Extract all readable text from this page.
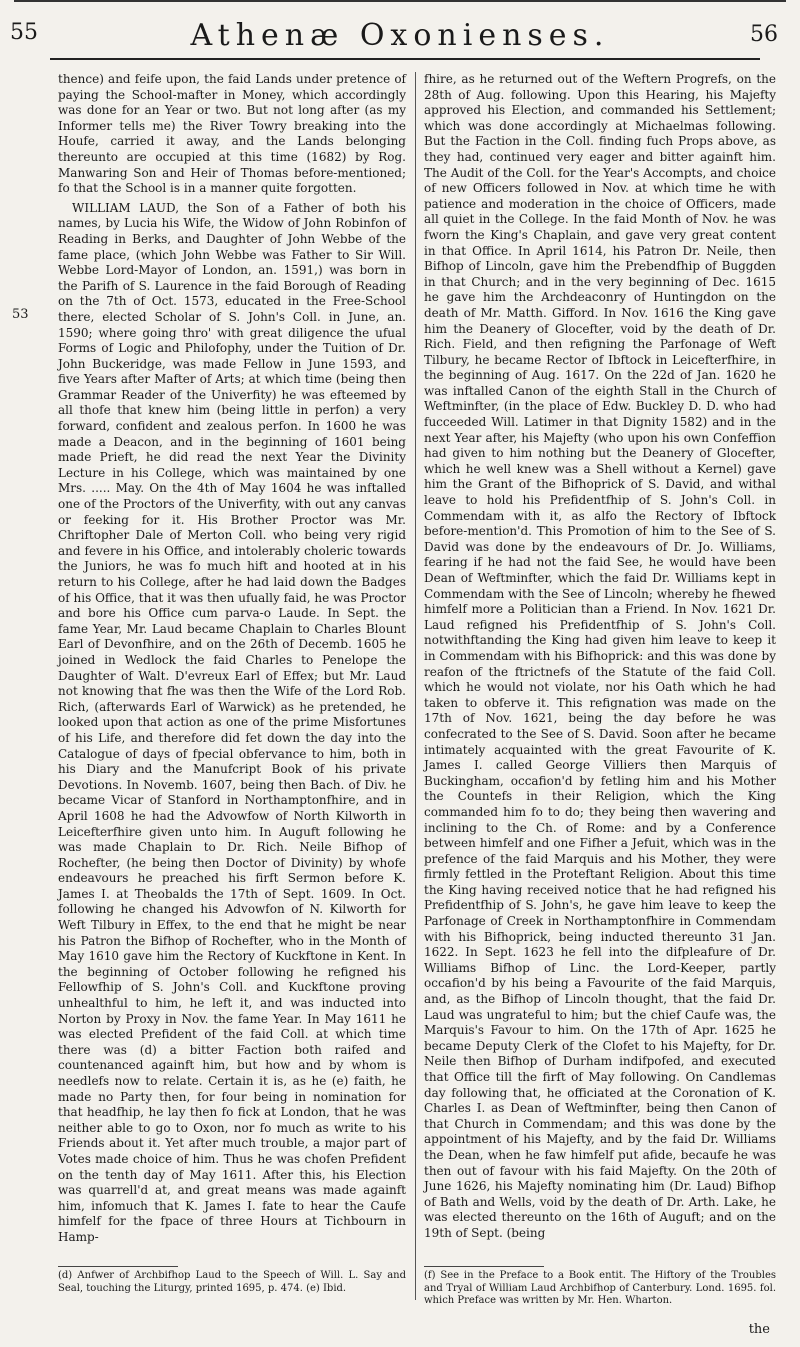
55	Athenæ Oxonienses.	56
53

thence) and feife upon, the faid Lands under pretence of paying the School-mafter in Money, which accordingly was done for an Year or two. But not long after (as my Informer tells me) the River Towry breaking into the Houfe, carried it away, and the Lands belonging thereunto are occupied at this time (1682) by Rog. Manwaring Son and Heir of Thomas before-mentioned; fo that the School is in a manner quite forgotten.

WILLIAM LAUD, the Son of a Father of both his names, by Lucia his Wife, the Widow of John Robinfon of Reading in Berks, and Daughter of John Webbe of the fame place, (which John Webbe was Father to Sir Will. Webbe Lord-Mayor of London, an. 1591,) was born in the Parifh of S. Laurence in the faid Borough of Reading on the 7th of Oct. 1573, educated in the Free-School there, elected Scholar of S. John's Coll. in June, an. 1590; where going thro' with great diligence the ufual Forms of Logic and Philofophy, under the Tuition of Dr. John Buckeridge, was made Fellow in June 1593, and five Years after Mafter of Arts; at which time (being then Grammar Reader of the Univerfity) he was efteemed by all thofe that knew him (being little in perfon) a very forward, confident and zealous perfon. In 1600 he was made a Deacon, and in the beginning of 1601 being made Prieft, he did read the next Year the Divinity Lecture in his College, which was maintained by one Mrs. ..... May. On the 4th of May 1604 he was inftalled one of the Proctors of the Univerfity, with out any canvas or feeking for it. His Brother Proctor was Mr. Chriftopher Dale of Merton Coll. who being very rigid and fevere in his Office, and intolerably choleric towards the Juniors, he was fo much hift and hooted at in his return to his College, after he had laid down the Badges of his Office, that it was then ufually faid, he was Proctor and bore his Office cum parva-o Laude. In Sept. the fame Year, Mr. Laud became Chaplain to Charles Blount Earl of Devonfhire, and on the 26th of Decemb. 1605 he joined in Wedlock the faid Charles to Penelope the Daughter of Walt. D'evreux Earl of Effex; but Mr. Laud not knowing that fhe was then the Wife of the Lord Rob. Rich, (afterwards Earl of Warwick) as he pretended, he looked upon that action as one of the prime Misfortunes of his Life, and therefore did fet down the day into the Catalogue of days of fpecial obfervance to him, both in his Diary and the Manufcript Book of his private Devotions. In Novemb. 1607, being then Bach. of Div. he became Vicar of Stanford in Northamptonfhire, and in April 1608 he had the Advowfow of North Kilworth in Leicefterfhire given unto him. In Auguft following he was made Chaplain to Dr. Rich. Neile Bifhop of Rochefter, (he being then Doctor of Divinity) by whofe endeavours he preached his firft Sermon before K. James I. at Theobalds the 17th of Sept. 1609. In Oct. following he changed his Advowfon of N. Kilworth for Weft Tilbury in Effex, to the end that he might be near his Patron the Bifhop of Rochefter, who in the Month of May 1610 gave him the Rectory of Kuckftone in Kent. In the beginning of October following he refigned his Fellowfhip of S. John's Coll. and Kuckftone proving unhealthful to him, he left it, and was inducted into Norton by Proxy in Nov. the fame Year. In May 1611 he was elected Prefident of the faid Coll. at which time there was (d) a bitter Faction both raifed and countenanced againft him, but how and by whom is needlefs now to relate. Certain it is, as he (e) faith, he made no Party then, for four being in nomination for that headfhip, he lay then fo fick at London, that he was neither able to go to Oxon, nor fo much as write to his Friends about it. Yet after much trouble, a major part of Votes made choice of him. Thus he was chofen Prefident on the tenth day of May 1611. After this, his Election was quarrell'd at, and great means was made againft him, infomuch that K. James I. fate to hear the Caufe himfelf for the fpace of three Hours at Tichbourn in Hamp-

fhire, as he returned out of the Weftern Progrefs, on the 28th of Aug. following. Upon this Hearing, his Majefty approved his Election, and commanded his Settlement; which was done accordingly at Michaelmas following. But the Faction in the Coll. finding fuch Props above, as they had, continued very eager and bitter againft him. The Audit of the Coll. for the Year's Accompts, and choice of new Officers followed in Nov. at which time he with patience and moderation in the choice of Officers, made all quiet in the College. In the faid Month of Nov. he was fworn the King's Chaplain, and gave very great content in that Office. In April 1614, his Patron Dr. Neile, then Bifhop of Lincoln, gave him the Prebendfhip of Buggden in that Church; and in the very beginning of Dec. 1615 he gave him the Archdeaconry of Huntingdon on the death of Mr. Matth. Gifford. In Nov. 1616 the King gave him the Deanery of Glocefter, void by the death of Dr. Rich. Field, and then refigning the Parfonage of Weft Tilbury, he became Rector of Ibftock in Leicefterfhire, in the beginning of Aug. 1617. On the 22d of Jan. 1620 he was inftalled Canon of the eighth Stall in the Church of Weftminfter, (in the place of Edw. Buckley D. D. who had fucceeded Will. Latimer in that Dignity 1582) and in the next Year after, his Majefty (who upon his own Confeffion had given to him nothing but the Deanery of Glocefter, which he well knew was a Shell without a Kernel) gave him the Grant of the Bifhoprick of S. David, and withal leave to hold his Prefidentfhip of S. John's Coll. in Commendam with it, as alfo the Rectory of Ibftock before-mention'd. This Promotion of him to the See of S. David was done by the endeavours of Dr. Jo. Williams, fearing if he had not the faid See, he would have been Dean of Weftminfter, which the faid Dr. Williams kept in Commendam with the See of Lincoln; whereby he fhewed himfelf more a Politician than a Friend. In Nov. 1621 Dr. Laud refigned his Prefidentfhip of S. John's Coll. notwithftanding the King had given him leave to keep it in Commendam with his Bifhoprick: and this was done by reafon of the ftrictnefs of the Statute of the faid Coll. which he would not violate, nor his Oath which he had taken to obferve it. This refignation was made on the 17th of Nov. 1621, being the day before he was confecrated to the See of S. David. Soon after he became intimately acquainted with the great Favourite of K. James I. called George Villiers then Marquis of Buckingham, occafion'd by fetling him and his Mother the Countefs in their Religion, which the King commanded him fo to do; they being then wavering and inclining to the Ch. of Rome: and by a Conference between himfelf and one Fifher a Jefuit, which was in the prefence of the faid Marquis and his Mother, they were firmly fettled in the Proteftant Religion. About this time the King having received notice that he had refigned his Prefidentfhip of S. John's, he gave him leave to keep the Parfonage of Creek in Northamptonfhire in Commendam with his Bifhoprick, being inducted thereunto 31 Jan. 1622. In Sept. 1623 he fell into the difpleafure of Dr. Williams Bifhop of Linc. the Lord-Keeper, partly occafion'd by his being a Favourite of the faid Marquis, and, as the Bifhop of Lincoln thought, that the faid Dr. Laud was ungrateful to him; but the chief Caufe was, the Marquis's Favour to him. On the 17th of Apr. 1625 he became Deputy Clerk of the Clofet to his Majefty, for Dr. Neile then Bifhop of Durham indifpofed, and executed that Office till the firft of May following. On Candlemas day following that, he officiated at the Coronation of K. Charles I. as Dean of Weftminfter, being then Canon of that Church in Commendam; and this was done by the appointment of his Majefty, and by the faid Dr. Williams the Dean, when he faw himfelf put afide, becaufe he was then out of favour with his faid Majefty. On the 20th of June 1626, his Majefty nominating him (Dr. Laud) Bifhop of Bath and Wells, void by the death of Dr. Arth. Lake, he was elected thereunto on the 16th of Auguft; and on the 19th of Sept. (being

(d) Anfwer of Archbifhop Laud to the Speech of Will. L. Say and Seal, touching the Liturgy, printed 1695, p. 474. (e) Ibid.
(f) See in the Preface to a Book entit. The Hiftory of the Troubles and Tryal of William Laud Archbifhop of Canterbury. Lond. 1695. fol. which Preface was written by Mr. Hen. Wharton.
the
